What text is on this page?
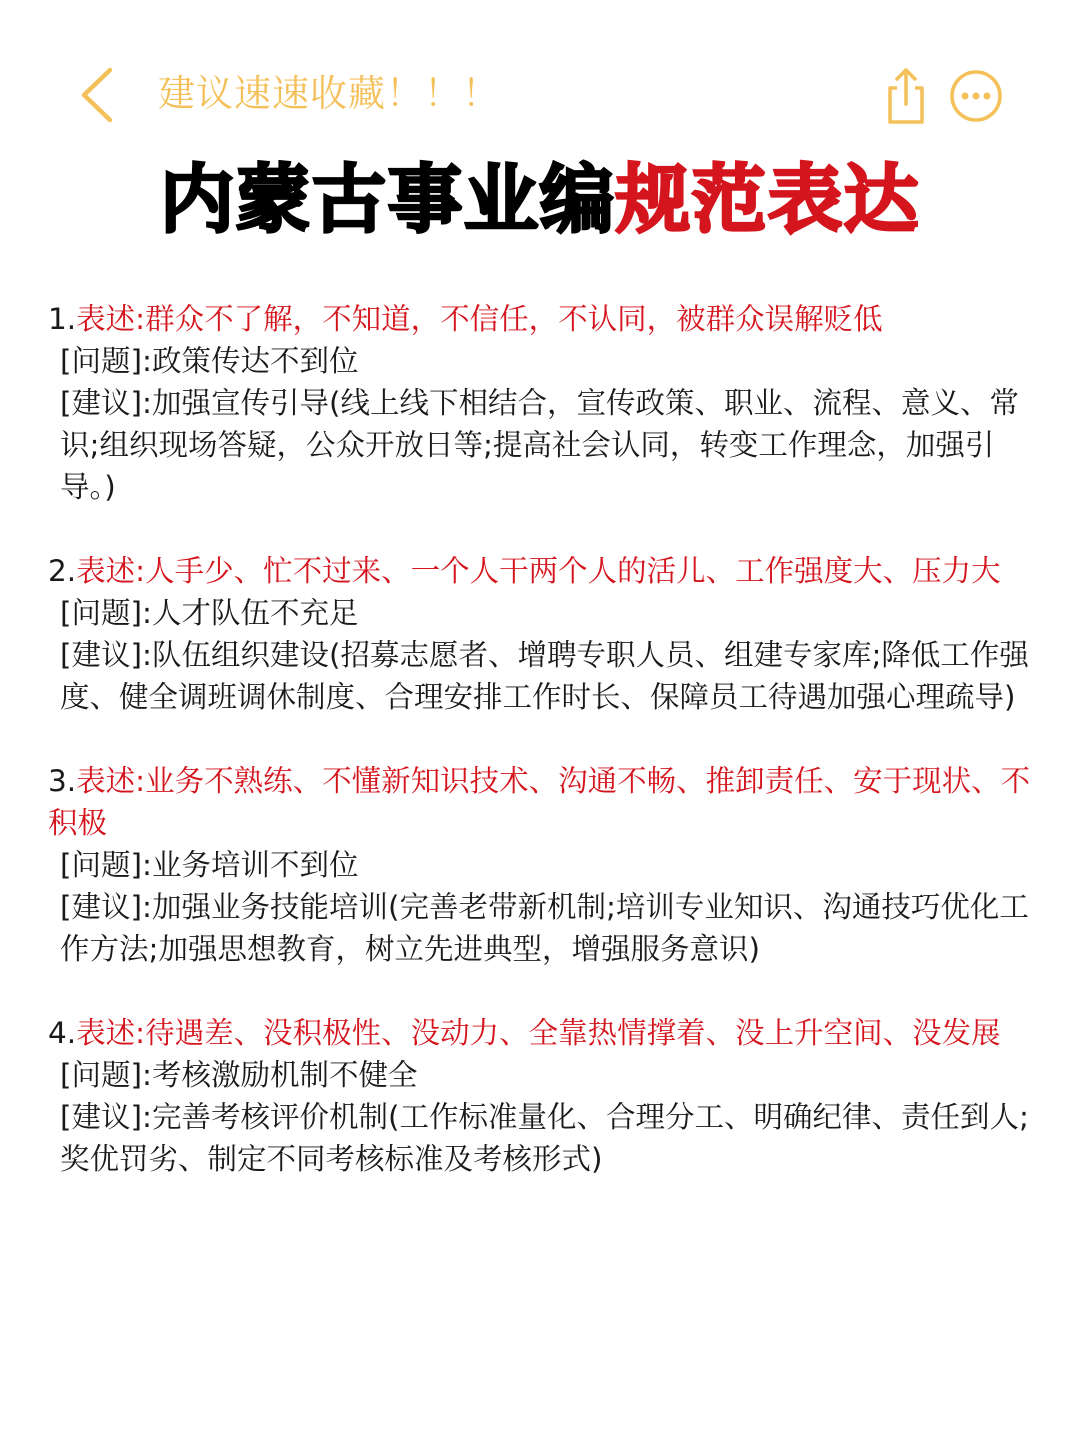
建议速速收藏！！！
内蒙古事业编规范表达

1.表述:群众不了解，不知道，不信任，不认同，被群众误解贬低

[问题]:政策传达不到位

[建议]:加强宣传引导(线上线下相结合，宣传政策、职业、流程、意义、常识;组织现场答疑，公众开放日等;提高社会认同，转变工作理念，加强引导。)

2.表述:人手少、忙不过来、一个人干两个人的活儿、工作强度大、压力大

[问题]:人才队伍不充足

[建议]:队伍组织建设(招募志愿者、增聘专职人员、组建专家库;降低工作强度、健全调班调休制度、合理安排工作时长、保障员工待遇加强心理疏导)

3.表述:业务不熟练、不懂新知识技术、沟通不畅、推卸责任、安于现状、不积极

[问题]:业务培训不到位

[建议]:加强业务技能培训(完善老带新机制;培训专业知识、沟通技巧优化工作方法;加强思想教育，树立先进典型，增强服务意识)

4.表述:待遇差、没积极性、没动力、全靠热情撑着、没上升空间、没发展

[问题]:考核激励机制不健全

[建议]:完善考核评价机制(工作标准量化、合理分工、明确纪律、责任到人;奖优罚劣、制定不同考核标准及考核形式)
